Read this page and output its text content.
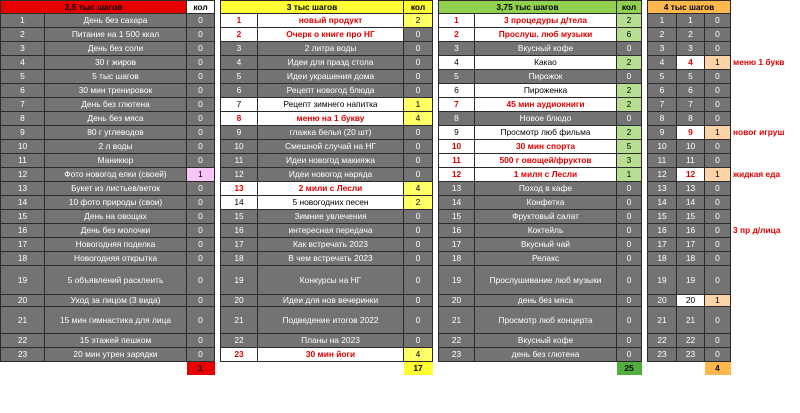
2,5 тыс шагов		кол		3 тыс шагов		кол		3,75 тыс шагов		кол		4 тыс шагов			
1	День без сахара	0		1	новый продукт	2		1	3 процедуры д/тела	2		1	1	0	
2	Питание на 1 500 ккал	0		2	Очерк о книге про НГ	0		2	Прослуш. люб музыки	6		2	2	0	
3	День без соли	0		3	2 литра воды	0		3	Вкусный кофе	0		3	3	0	
4	30 г жиров	0		4	Идеи для празд стола	0		4	Какао	2		4	4	1	меню 1 букв
5	5 тыс шагов	0		5	Идеи украшения дома	0		5	Пирожок	0		5	5	0	
6	30 мин тренировок	0		6	Рецепт новогод блюда	0		6	Пироженка	2		6	6	0	
7	День без глютена	0		7	Рецепт зимнего напитка	1		7	45 мин аудиокниги	2		7	7	0	
8	День без мяса	0		8	меню на 1 букву	4		8	Новое блюдо	0		8	8	0	
9	80 г углеводов	0		9	глажка белья (20 шт)	0		9	Просмотр люб фильма	2		9	9	1	новог игруш
10	2 л воды	0		10	Смешной случай на НГ	0		10	30 мин спорта	5		10	10	0	
11	Маникюр	0		11	Идеи новогод макияжа	0		11	500 г овощей/фруктов	3		11	11	0	
12	Фото новогод елки (своей)	1		12	Идеи новогод наряда	0		12	1 миля с Лесли	1		12	12	1	жидкая еда
13	Букет из листьев/веток	0		13	2 мили с Лесли	4		13	Поход в кафе	0		13	13	0	
14	10 фото природы (свои)	0		14	5 новогодних песен	2		14	Конфетка	0		14	14	0	
15	День на овощах	0		15	Зимние увлечения	0		15	Фруктовый салат	0		15	15	0	
16	День без молочки	0		16	интересная передача	0		16	Коктейль	0		16	16	0	3 пр д/лица
17	Новогодняя поделка	0		17	Как встречать 2023	0		17	Вкусный чай	0		17	17	0	
18	Новогодняя открытка	0		18	В чем встречать 2023	0		18	Релакс	0		18	18	0	
19	5 объявлений расклеить	0		19	Конкурсы на НГ	0		19	Прослушивание люб музыки	0		19	19	0	
20	Уход за лицом (3 вида)	0		20	Идеи для нов вечеринки	0		20	день без мяса	0		20	20	1	
21	15 мин гимнастика для лица	0		21	Подведение итогов 2022	0		21	Просмотр люб концерта	0		21	21	0	
22	15 этажей пешком	0		22	Планы на 2023	0		22	Вкусный кофе	0		22	22	0	
23	20 мин утрен зарядки	0		23	30 мин йоги	4		23	день без глютена	0		23	23	0	
		1				17				25				4	
